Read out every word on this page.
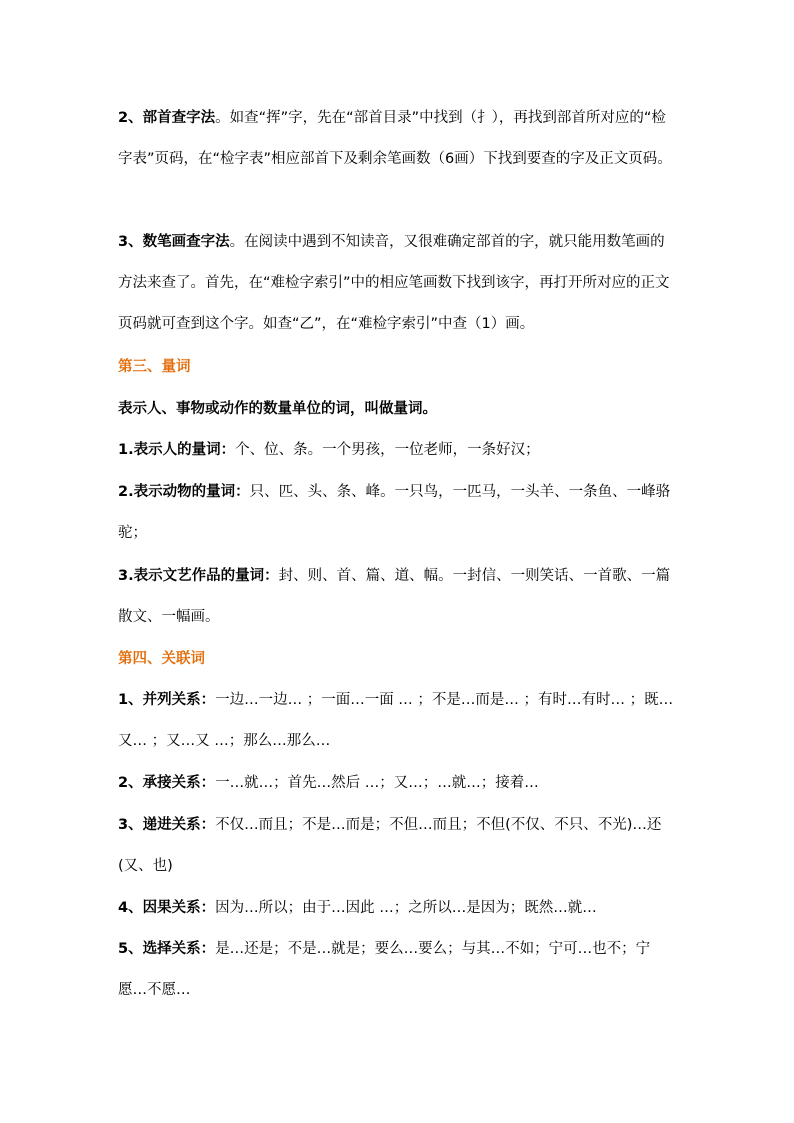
2、部首查字法。如查“挥”字，先在“部首目录”中找到（扌），再找到部首所对应的“检字表”页码，在“检字表”相应部首下及剩余笔画数（6画）下找到要查的字及正文页码。

3、数笔画查字法。在阅读中遇到不知读音，又很难确定部首的字，就只能用数笔画的方法来查了。首先，在“难检字索引”中的相应笔画数下找到该字，再打开所对应的正文页码就可查到这个字。如查“乙”，在“难检字索引”中查（1）画。

第三、量词

表示人、事物或动作的数量单位的词，叫做量词。

1.表示人的量词：个、位、条。一个男孩，一位老师，一条好汉；

2.表示动物的量词：只、匹、头、条、峰。一只鸟，一匹马，一头羊、一条鱼、一峰骆驼；

3.表示文艺作品的量词：封、则、首、篇、道、幅。一封信、一则笑话、一首歌、一篇散文、一幅画。

第四、关联词

1、并列关系：一边…一边… ；一面…一面 … ；不是…而是… ；有时…有时… ；既…又… ；又…又 …；那么…那么…

2、承接关系：一…就…；首先…然后 …；又…；…就…；接着…

3、递进关系：不仅…而且；不是…而是；不但…而且；不但(不仅、不只、不光)…还(又、也)

4、因果关系：因为…所以；由于…因此 …；之所以…是因为；既然…就…

5、选择关系：是…还是；不是…就是；要么…要么；与其…不如；宁可…也不；宁愿…不愿…
